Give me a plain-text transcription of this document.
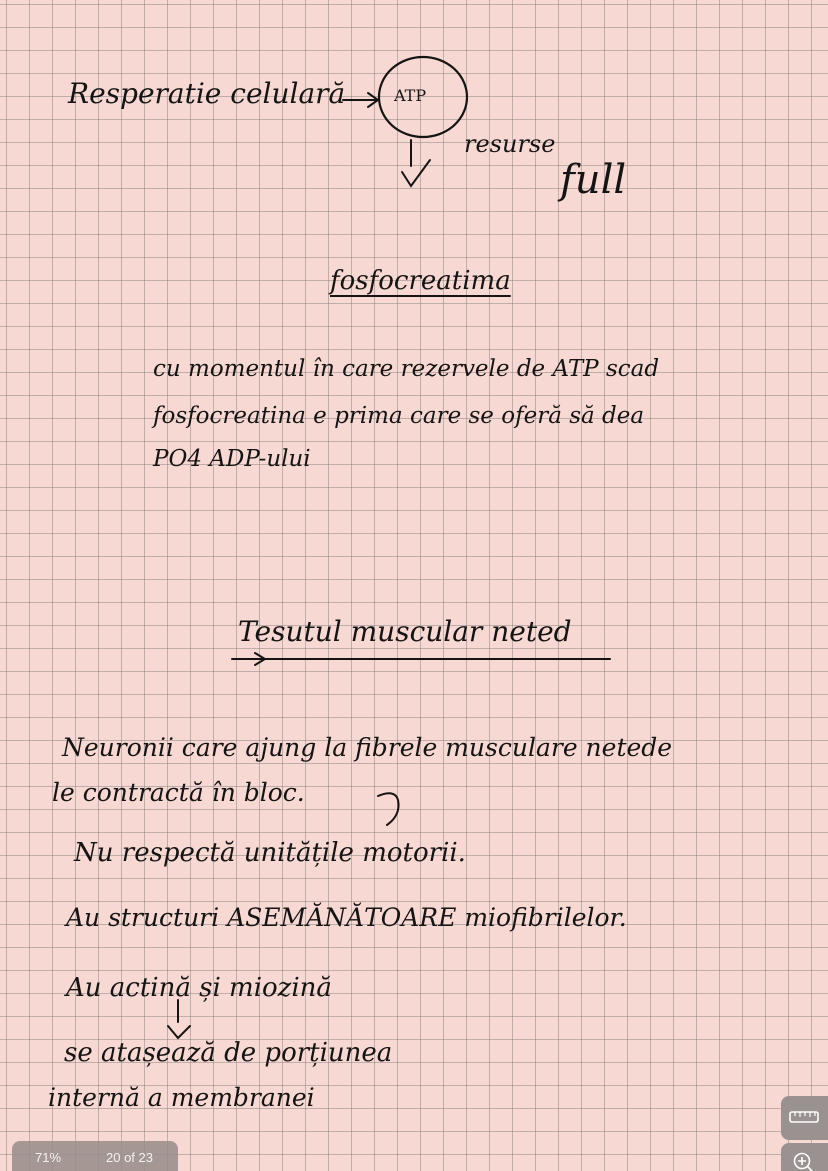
Resperatie celulară	ATP
resurse
full
fosfocreatima
cu momentul în care rezervele de ATP scad
fosfocreatina e prima care se oferă să dea
PO4 ADP-ului
Tesutul muscular neted
Neuronii care ajung la fibrele musculare netede
le contractă în bloc.
Nu respectă unitățile motorii.
Au structuri ASEMĂNĂTOARE miofibrilelor.
Au actină și miozină
se atașează de porțiunea
internă a membranei
71%	20 of 23
